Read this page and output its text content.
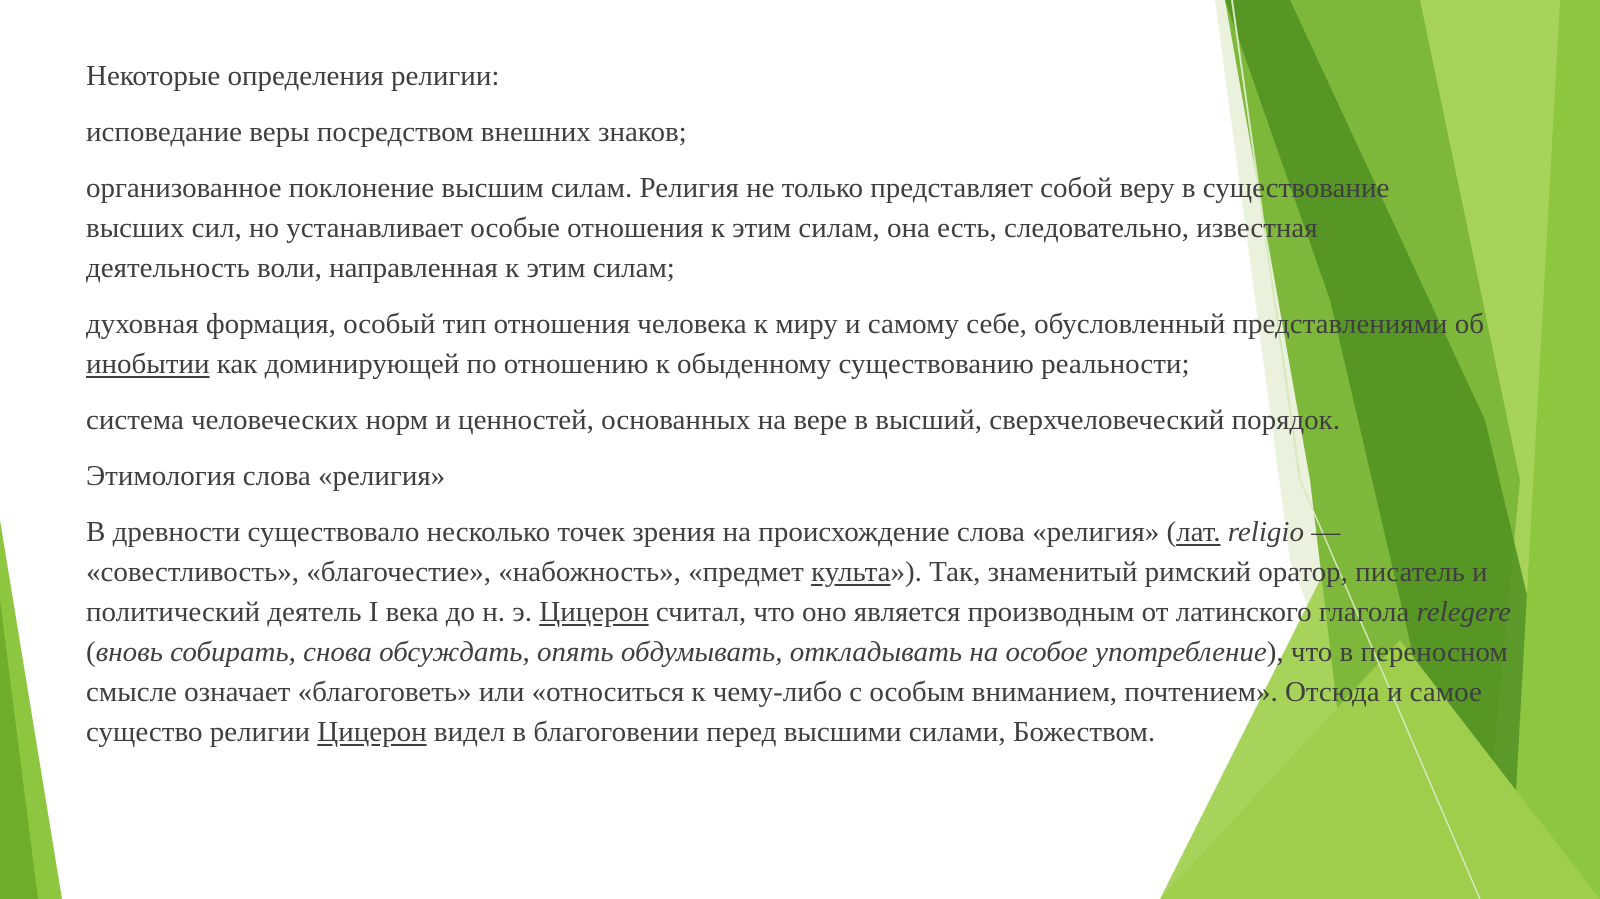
Некоторые определения религии:

исповедание веры посредством внешних знаков;

организованное поклонение высшим силам. Религия не только представляет собой веру в существование высших сил, но устанавливает особые отношения к этим силам, она есть, следовательно, известная деятельность воли, направленная к этим силам;

духовная формация, особый тип отношения человека к миру и самому себе, обусловленный представлениями об инобытии как доминирующей по отношению к обыденному существованию реальности;

система человеческих норм и ценностей, основанных на вере в высший, сверхчеловеческий порядок.

Этимология слова «религия»

В древности существовало несколько точек зрения на происхождение слова «религия» (лат. religio — «совестливость», «благочестие», «набожность», «предмет культа»). Так, знаменитый римский оратор, писатель и политический деятель I века до н. э. Цицерон считал, что оно является производным от латинского глагола relegere (вновь собирать, снова обсуждать, опять обдумывать, откладывать на особое употребление), что в переносном смысле означает «благоговеть» или «относиться к чему-либо с особым вниманием, почтением». Отсюда и самое существо религии Цицерон видел в благоговении перед высшими силами, Божеством.
